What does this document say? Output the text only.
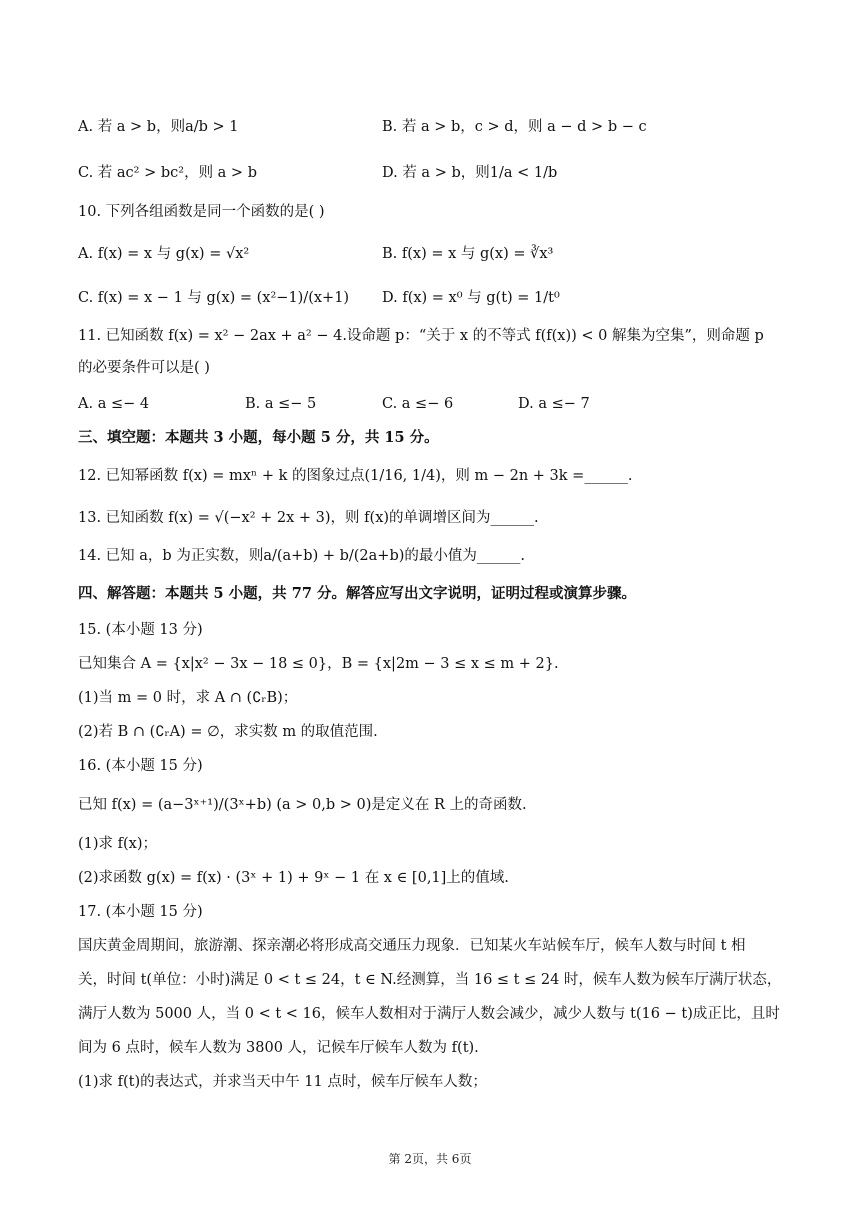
A. 若 a > b，则a/b > 1	B. 若 a > b，c > d，则 a − d > b − c
C. 若 ac² > bc²，则 a > b	D. 若 a > b，则1/a < 1/b
10. 下列各组函数是同一个函数的是( )
A. f(x) = x 与 g(x) = √x²	B. f(x) = x 与 g(x) = ∛x³
C. f(x) = x − 1 与 g(x) = (x²−1)/(x+1) D. f(x) = x⁰ 与 g(t) = 1/t⁰
11. 已知函数 f(x) = x² − 2ax + a² − 4.设命题 p：“关于 x 的不等式 f(f(x)) < 0 解集为空集”，则命题 p
的必要条件可以是( )
A. a ≤− 4	B. a ≤− 5	C. a ≤− 6	D. a ≤− 7
三、填空题：本题共 3 小题，每小题 5 分，共 15 分。
12. 已知幂函数 f(x) = mxⁿ + k 的图象过点(1/16, 1/4)，则 m − 2n + 3k =______.
13. 已知函数 f(x) = √(−x² + 2x + 3)，则 f(x)的单调增区间为______.
14. 已知 a，b 为正实数，则a/(a+b) + b/(2a+b)的最小值为______.
四、解答题：本题共 5 小题，共 77 分。解答应写出文字说明，证明过程或演算步骤。
15. (本小题 13 分)
已知集合 A = {x|x² − 3x − 18 ≤ 0}，B = {x|2m − 3 ≤ x ≤ m + 2}.
(1)当 m = 0 时，求 A ∩ (∁ᵣB)；
(2)若 B ∩ (∁ᵣA) = ∅，求实数 m 的取值范围.
16. (本小题 15 分)
已知 f(x) = (a−3ˣ⁺¹)/(3ˣ+b) (a > 0,b > 0)是定义在 R 上的奇函数.
(1)求 f(x)；
(2)求函数 g(x) = f(x) · (3ˣ + 1) + 9ˣ − 1 在 x ∈ [0,1]上的值域.
17. (本小题 15 分)
国庆黄金周期间，旅游潮、探亲潮必将形成高交通压力现象．已知某火车站候车厅，候车人数与时间 t 相
关，时间 t(单位：小时)满足 0 < t ≤ 24，t ∈ N.经测算，当 16 ≤ t ≤ 24 时，候车人数为候车厅满厅状态，
满厅人数为 5000 人，当 0 < t < 16，候车人数相对于满厅人数会减少，减少人数与 t(16 − t)成正比，且时
间为 6 点时，候车人数为 3800 人，记候车厅候车人数为 f(t).
(1)求 f(t)的表达式，并求当天中午 11 点时，候车厅候车人数；
第 2页，共 6页
